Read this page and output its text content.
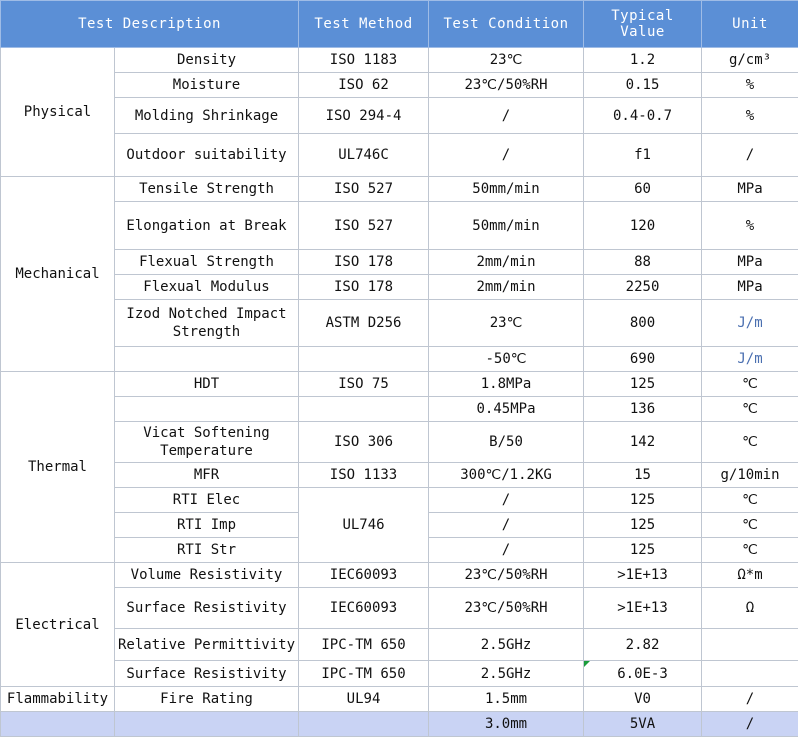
Test Description		Test Method	Test Condition	Typical Value	Unit
Physical	Density	ISO 1183	23℃	1.2	g/cm³
	Moisture	ISO 62	23℃/50%RH	0.15	%
	Molding Shrinkage	ISO 294-4	/	0.4-0.7	%
	Outdoor suitability	UL746C	/	f1	/
Mechanical	Tensile Strength	ISO 527	50mm/min	60	MPa
	Elongation at Break	ISO 527	50mm/min	120	%
	Flexual Strength	ISO 178	2mm/min	88	MPa
	Flexual Modulus	ISO 178	2mm/min	2250	MPa
	Izod Notched Impact Strength	ASTM D256	23℃	800	J/m
			-50℃	690	J/m
Thermal	HDT	ISO 75	1.8MPa	125	℃
			0.45MPa	136	℃
	Vicat Softening Temperature	ISO 306	B/50	142	℃
	MFR	ISO 1133	300℃/1.2KG	15	g/10min
	RTI Elec	UL746	/	125	℃
	RTI Imp		/	125	℃
	RTI Str		/	125	℃
Electrical	Volume Resistivity	IEC60093	23℃/50%RH	>1E+13	Ω*m
	Surface Resistivity	IEC60093	23℃/50%RH	>1E+13	Ω
	Relative Permittivity	IPC-TM 650	2.5GHz	2.82	
	Surface Resistivity	IPC-TM 650	2.5GHz	6.0E-3	
Flammability	Fire Rating	UL94	1.5mm	V0	/
			3.0mm	5VA	/
